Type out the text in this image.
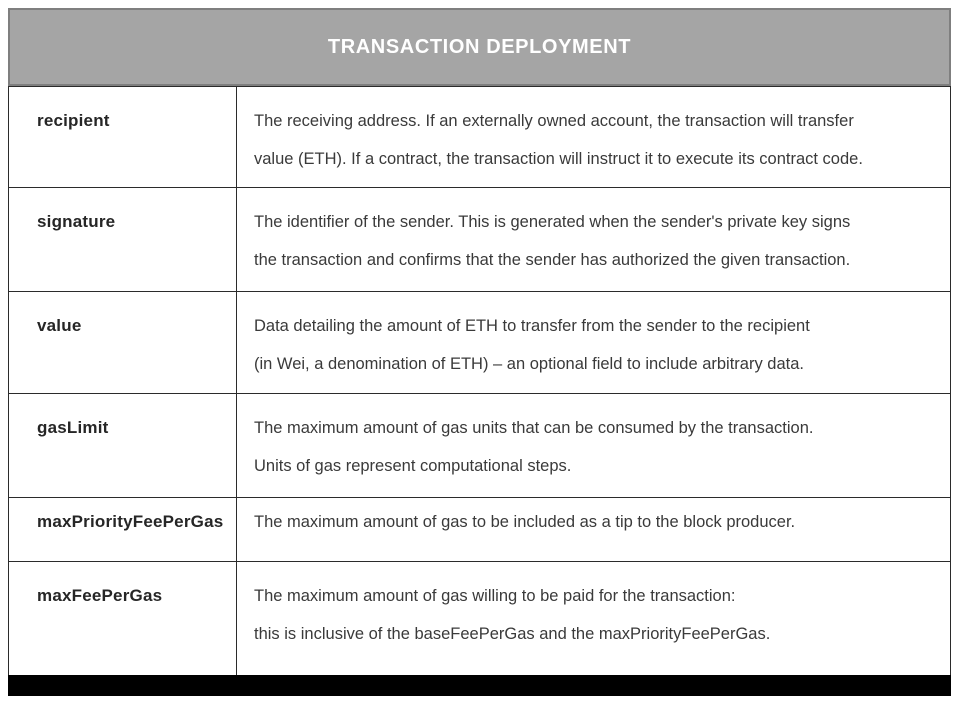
TRANSACTION DEPLOYMENT
recipient	The receiving address. If an externally owned account, the transaction will transfer
value (ETH). If a contract, the transaction will instruct it to execute its contract code.
signature	The identifier of the sender. This is generated when the sender's private key signs
the transaction and confirms that the sender has authorized the given transaction.
value	Data detailing the amount of ETH to transfer from the sender to the recipient
(in Wei, a denomination of ETH) – an optional field to include arbitrary data.
gasLimit	The maximum amount of gas units that can be consumed by the transaction.
Units of gas represent computational steps.
maxPriorityFeePerGas	The maximum amount of gas to be included as a tip to the block producer.
maxFeePerGas	The maximum amount of gas willing to be paid for the transaction:
this is inclusive of the baseFeePerGas and the maxPriorityFeePerGas.
